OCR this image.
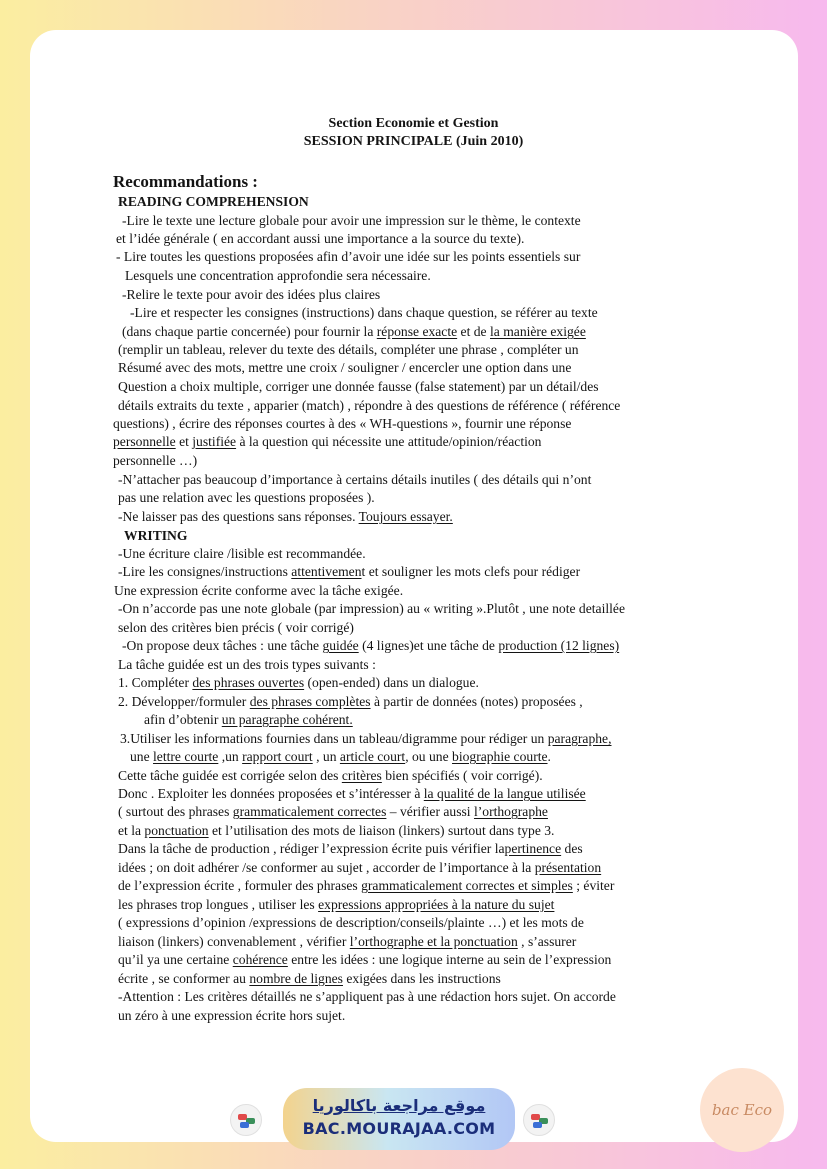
Section Economie et Gestion
SESSION PRINCIPALE (Juin 2010)
Recommandations :
READING COMPREHENSION
-Lire le texte une lecture globale pour avoir une impression sur le thème, le contexte
et l’idée générale ( en accordant aussi une importance a la source du texte).
- Lire toutes les questions proposées afin d’avoir une idée sur les points essentiels sur
Lesquels une concentration approfondie sera nécessaire.
-Relire le texte pour avoir des idées plus claires
-Lire et respecter les consignes (instructions) dans chaque question, se référer au texte
(dans chaque partie concernée) pour fournir la réponse exacte et de la manière exigée
(remplir un tableau, relever du texte des détails, compléter une phrase , compléter un
Résumé avec des mots, mettre une croix / souligner / encercler une option dans une
Question a choix multiple, corriger une donnée fausse (false statement) par un détail/des
détails extraits du texte , apparier (match) , répondre à des questions de référence ( référence
questions) , écrire des réponses courtes à des « WH-questions », fournir une réponse
personnelle et justifiée à la question qui nécessite une attitude/opinion/réaction
personnelle …)
-N’attacher pas beaucoup d’importance à certains détails inutiles ( des détails qui n’ont
pas une relation avec les questions proposées ).
-Ne laisser pas des questions sans réponses. Toujours essayer.
WRITING
-Une écriture claire /lisible est recommandée.
-Lire les consignes/instructions attentivement et souligner les mots clefs pour rédiger
Une expression écrite conforme avec la tâche exigée.
-On n’accorde pas une note globale (par impression) au « writing ».Plutôt , une note detaillée
selon des critères bien précis ( voir corrigé)
-On propose deux tâches : une tâche guidée (4 lignes)et une tâche de production (12 lignes)
La tâche guidée est un des trois types suivants :
1. Compléter des phrases ouvertes (open-ended) dans un dialogue.
2. Développer/formuler des phrases complètes à partir de données (notes) proposées ,
afin d’obtenir un paragraphe cohérent.
3.Utiliser les informations fournies dans un tableau/digramme pour rédiger un paragraphe,
une lettre courte ,un rapport court , un article court, ou une biographie courte.
Cette tâche guidée est corrigée selon des critères bien spécifiés ( voir corrigé).
Donc . Exploiter les données proposées et s’intéresser à la qualité de la langue utilisée
( surtout des phrases grammaticalement correctes – vérifier aussi l’orthographe
et la ponctuation et l’utilisation des mots de liaison (linkers) surtout dans type 3.
Dans la tâche de production , rédiger l’expression écrite puis vérifier lapertinence des
idées ; on doit adhérer /se conformer au sujet , accorder de l’importance à la présentation
de l’expression écrite , formuler des phrases grammaticalement correctes et simples ; éviter
les phrases trop longues , utiliser les expressions appropriées à la nature du sujet
( expressions d’opinion /expressions de description/conseils/plainte …) et les mots de
liaison (linkers) convenablement , vérifier l’orthographe et la ponctuation , s’assurer
qu’il ya une certaine cohérence entre les idées : une logique interne au sein de l’expression
écrite , se conformer au nombre de lignes exigées dans les instructions
-Attention : Les critères détaillés ne s’appliquent pas à une rédaction hors sujet. On accorde
un zéro à une expression écrite hors sujet.
موقع مراجعة باكالوريا
BAC.MOURAJAA.COM
bac Eco
